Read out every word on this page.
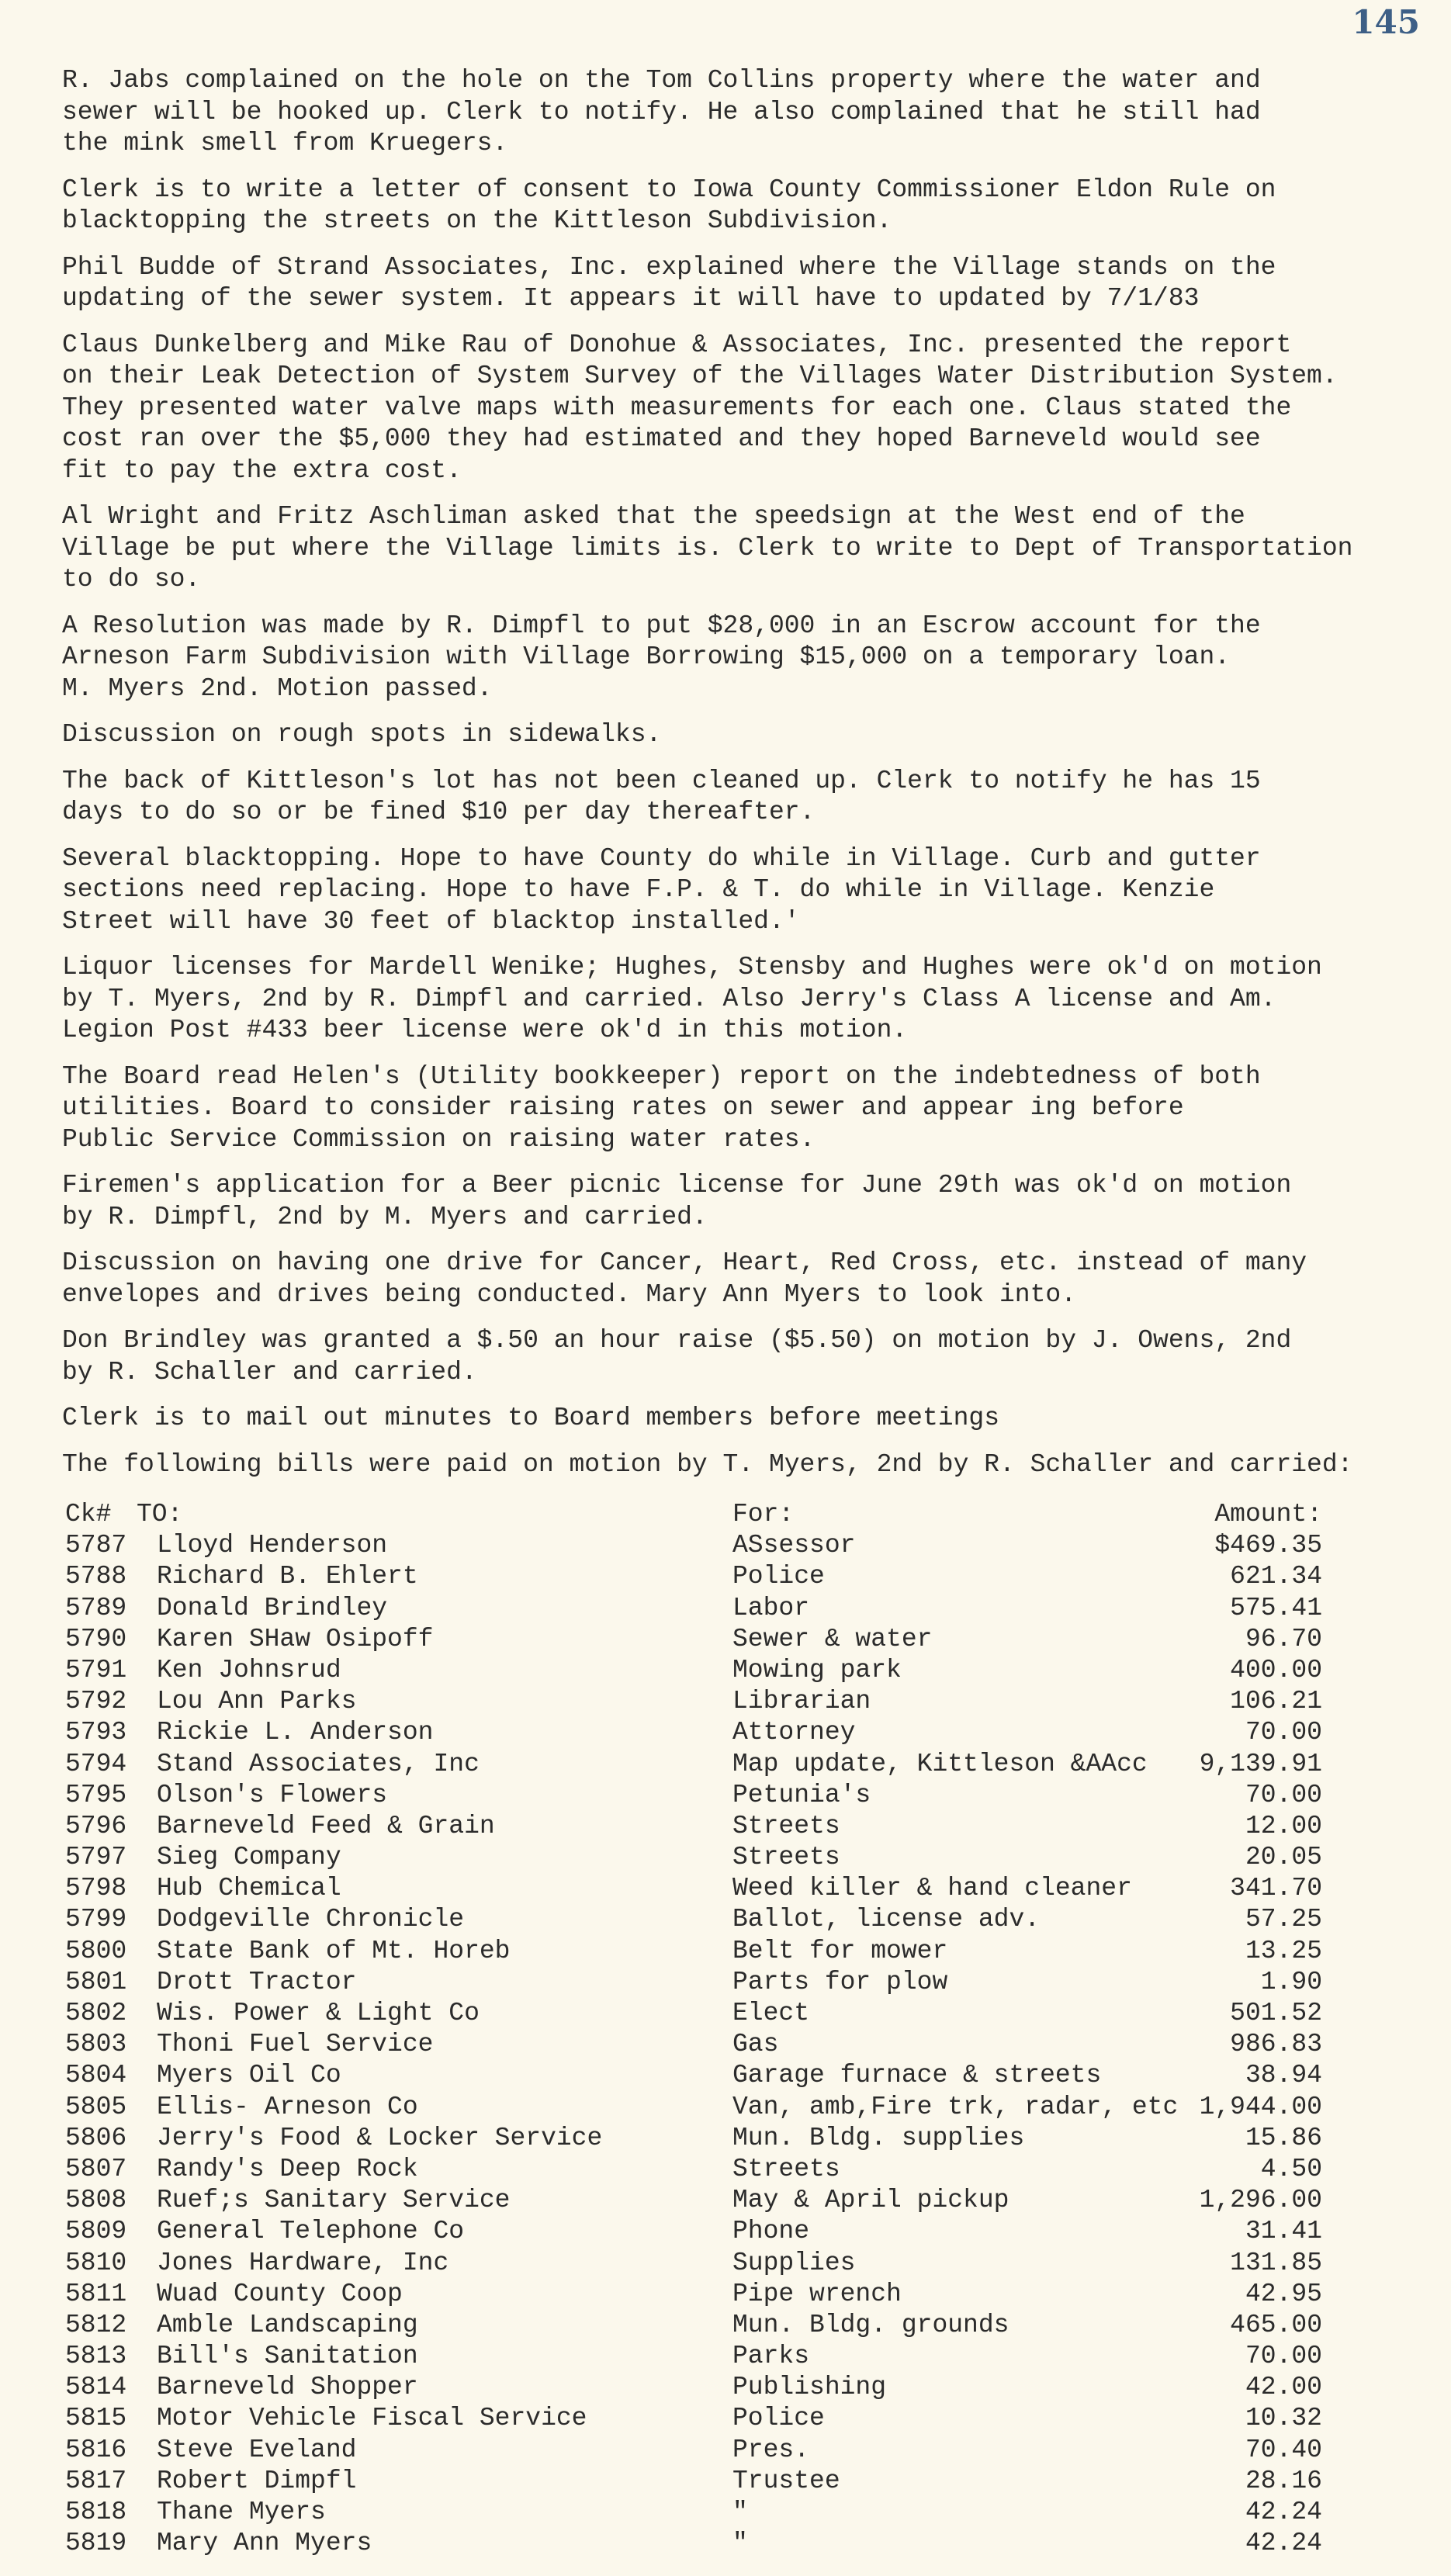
145

R. Jabs complained on the hole on the Tom Collins property where the water and
sewer will be hooked up. Clerk to notify. He also complained that he still had
the mink smell from Kruegers.

Clerk is to write a letter of consent to Iowa County Commissioner Eldon Rule on
blacktopping the streets on the Kittleson Subdivision.

Phil Budde of Strand Associates, Inc. explained where the Village stands on the
updating of the sewer system. It appears it will have to updated by 7/1/83

Claus Dunkelberg and Mike Rau of Donohue & Associates, Inc. presented the report
on their Leak Detection of System Survey of the Villages Water Distribution System.
They presented water valve maps with measurements for each one. Claus stated the
cost ran over the $5,000 they had estimated and they hoped Barneveld would see
fit to pay the extra cost.

Al Wright and Fritz Aschliman asked that the speedsign at the West end of the
Village be put where the Village limits is. Clerk to write to Dept of Transportation
to do so.

A Resolution was made by R. Dimpfl to put $28,000 in an Escrow account for the
Arneson Farm Subdivision with Village Borrowing $15,000 on a temporary loan.
M. Myers 2nd. Motion passed.

Discussion on rough spots in sidewalks.

The back of Kittleson's lot has not been cleaned up. Clerk to notify he has 15
days to do so or be fined $10 per day thereafter.

Several blacktopping. Hope to have County do while in Village. Curb and gutter
sections need replacing. Hope to have F.P. & T. do while in Village. Kenzie
Street will have 30 feet of blacktop installed.'

Liquor licenses for Mardell Wenike; Hughes, Stensby and Hughes were ok'd on motion
by T. Myers, 2nd by R. Dimpfl and carried. Also Jerry's Class A license and Am.
Legion Post #433 beer license were ok'd in this motion.

The Board read Helen's (Utility bookkeeper) report on the indebtedness of both
utilities. Board to consider raising rates on sewer and appear ing before
Public Service Commission on raising water rates.

Firemen's application for a Beer picnic license for June 29th was ok'd on motion
by R. Dimpfl, 2nd by M. Myers and carried.

Discussion on having one drive for Cancer, Heart, Red Cross, etc. instead of many
envelopes and drives being conducted. Mary Ann Myers to look into.

Don Brindley was granted a $.50 an hour raise ($5.50) on motion by J. Owens, 2nd
by R. Schaller and carried.

Clerk is to mail out minutes to Board members before meetings

The following bills were paid on motion by T. Myers, 2nd by R. Schaller and carried:

Ck# TO:	For:	Amount:
5787 Lloyd Henderson	ASsessor	$469.35
5788 Richard B. Ehlert	Police	621.34
5789 Donald Brindley	Labor	575.41
5790 Karen SHaw Osipoff	Sewer & water	96.70
5791 Ken Johnsrud	Mowing park	400.00
5792 Lou Ann Parks	Librarian	106.21
5793 Rickie L. Anderson	Attorney	70.00
5794 Stand Associates, Inc	Map update, Kittleson &AAcc 9,139.91
5795 Olson's Flowers	Petunia's	70.00
5796 Barneveld Feed & Grain	Streets	12.00
5797 Sieg Company	Streets	20.05
5798 Hub Chemical	Weed killer & hand cleaner	341.70
5799 Dodgeville Chronicle	Ballot, license adv.	57.25
5800 State Bank of Mt. Horeb	Belt for mower	13.25
5801 Drott Tractor	Parts for plow	1.90
5802 Wis. Power & Light Co	Elect	501.52
5803 Thoni Fuel Service	Gas	986.83
5804 Myers Oil Co	Garage furnace & streets	38.94
5805 Ellis- Arneson Co	Van, amb,Fire trk, radar, etc 1,944.00
5806 Jerry's Food & Locker Service	Mun. Bldg. supplies	15.86
5807 Randy's Deep Rock	Streets	4.50
5808 Ruef;s Sanitary Service	May & April pickup	1,296.00
5809 General Telephone Co	Phone	31.41
5810 Jones Hardware, Inc	Supplies	131.85
5811 Wuad County Coop	Pipe wrench	42.95
5812 Amble Landscaping	Mun. Bldg. grounds	465.00
5813 Bill's Sanitation	Parks	70.00
5814 Barneveld Shopper	Publishing	42.00
5815 Motor Vehicle Fiscal Service	Police	10.32
5816 Steve Eveland	Pres.	70.40
5817 Robert Dimpfl	Trustee	28.16
5818 Thane Myers	"	42.24
5819 Mary Ann Myers	"	42.24
